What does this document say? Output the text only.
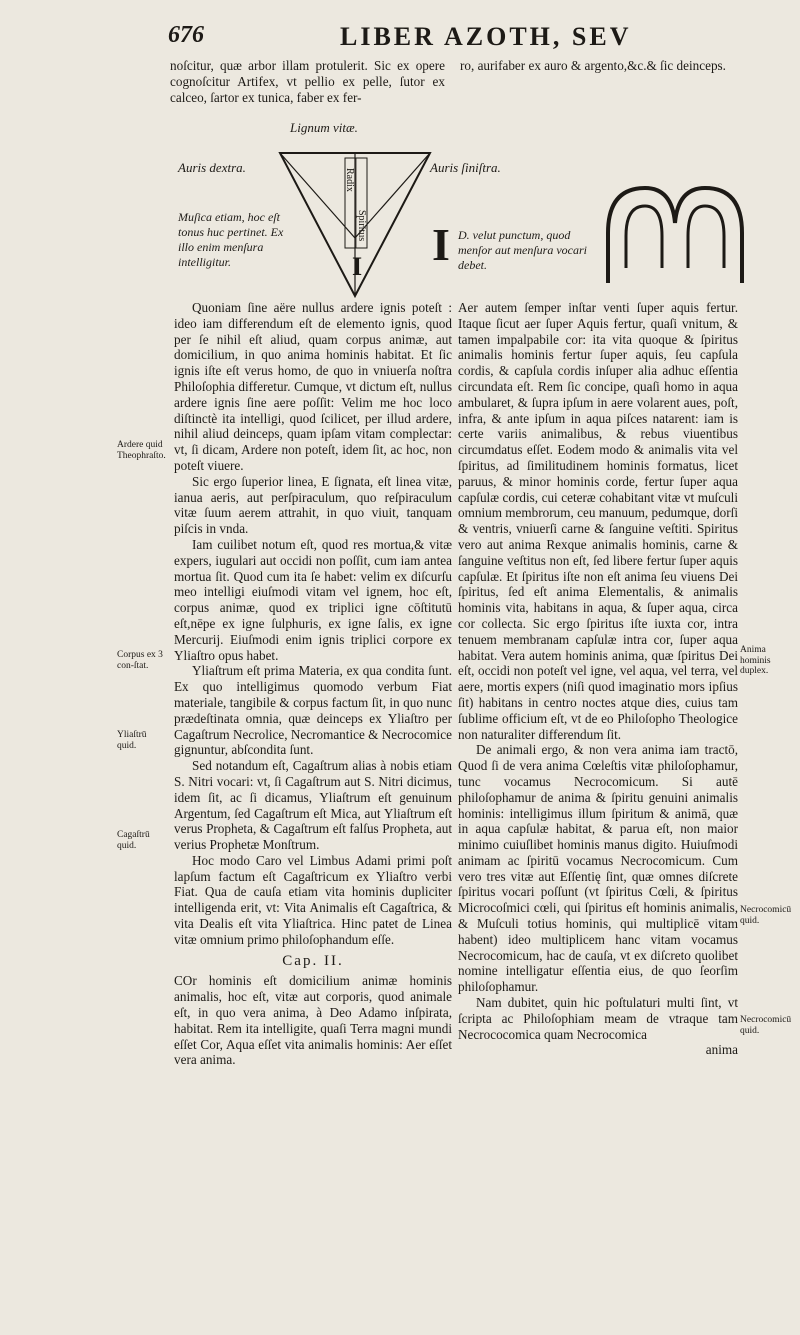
676	LIBER AZOTH, SEV
noſcitur, quæ arbor illam protulerit. Sic ex opere cognoſcitur Artifex, vt pellio ex pelle, ſutor ex calceo, ſartor ex tunica, faber ex fer-
ro, aurifaber ex auro & argento,&c.& ſic deinceps.
Lignum vitæ.
Auris dextra.	Auris ſiniſtra.
Radix
Spiritus
I
Muſica etiam, hoc eſt tonus huc pertinet. Ex illo enim menſura intelligitur.	I D. velut punctum, quod menſor aut menſura vocari debet.

Quoniam ſine aëre nullus ardere ignis poteſt : ideo iam differendum eſt de elemento ignis, quod per ſe nihil eſt aliud, quam corpus animæ, aut domicilium, in quo anima hominis habitat. Et ſic ignis iſte eſt verus homo, de quo in vniuerſa noſtra Philoſophia differetur. Cumque, vt dictum eſt, nullus ardere ignis ſine aere poſſit: Velim me hoc loco diſtinctè ita intelligi, quod ſcilicet, per illud ardere, nihil aliud deinceps, quam ipſam vitam complectar: vt, ſi dicam, Ardere non poteſt, idem ſit, ac hoc, non poteſt viuere.

Sic ergo ſuperior linea, E ſignata, eſt linea vitæ, ianua aeris, aut perſpiraculum, quo reſpiraculum vitæ ſuum aerem attrahit, in quo viuit, tanquam piſcis in vnda.

Iam cuilibet notum eſt, quod res mortua,& vitæ expers, iugulari aut occidi non poſſit, cum iam antea mortua ſit. Quod cum ita ſe habet: velim ex diſcurſu meo intelligi eiuſmodi vitam vel ignem, hoc eſt, corpus animæ, quod ex triplici igne cōſtitutū eſt,nēpe ex igne ſulphuris, ex igne ſalis, ex igne Mercurij. Eiuſmodi enim ignis triplici corpore ex Yliaſtro opus habet.

Yliaſtrum eſt prima Materia, ex qua condita ſunt. Ex quo intelligimus quomodo verbum Fiat materiale, tangibile & corpus factum ſit, in quo nunc prædeſtinata omnia, quæ deinceps ex Yliaſtro per Cagaſtrum Necrolice, Necromantice & Necrocomice gignuntur, abſcondita ſunt.

Sed notandum eſt, Cagaſtrum alias à nobis etiam S. Nitri vocari: vt, ſi Cagaſtrum aut S. Nitri dicimus, idem ſit, ac ſi dicamus, Yliaſtrum eſt genuinum Argentum, ſed Cagaſtrum eſt Mica, aut Yliaſtrum eſt verus Propheta, & Cagaſtrum eſt falſus Propheta, aut verius Prophetæ Monſtrum.

Hoc modo Caro vel Limbus Adami primi poſt lapſum factum eſt Cagaſtricum ex Yliaſtro verbi Fiat. Qua de cauſa etiam vita hominis dupliciter intelligenda erit, vt: Vita Animalis eſt Cagaſtrica, & vita Dealis eſt vita Yliaſtrica. Hinc patet de Linea vitæ omnium primo philoſophandum eſſe.

Cap. II.

COr hominis eſt domicilium animæ hominis animalis, hoc eſt, vitæ aut corporis, quod animale eſt, in quo vera anima, à Deo Adamo inſpirata, habitat. Rem ita intelligite, quaſi Terra magni mundi eſſet Cor, Aqua eſſet vita animalis hominis: Aer eſſet vera anima.

Aer autem ſemper inſtar venti ſuper aquis fertur. Itaque ſicut aer ſuper Aquis fertur, quaſi vnitum, & tamen impalpabile cor: ita vita quoque & ſpiritus animalis hominis fertur ſuper aquis, ſeu capſula cordis, & capſula cordis inſuper alia adhuc eſſentia circundata eſt. Rem ſic concipe, quaſi homo in aqua ambularet, & ſupra ipſum in aere volarent aues, poſt, infra, & ante ipſum in aqua piſces natarent: iam is certe variis animalibus, & rebus viuentibus circumdatus eſſet. Eodem modo & animalis vita vel ſpiritus, ad ſimilitudinem hominis formatus, licet paruus, & minor hominis corde, fertur ſuper aqua capſulæ cordis, cui ceteræ cohabitant vitæ vt muſculi omnium membrorum, ceu manuum, pedumque, dorſi & ventris, vniuerſi carne & ſanguine veſtiti. Spiritus vero aut anima Rexque animalis hominis, carne & ſanguine veſtitus non eſt, ſed libere fertur ſuper aquis capſulæ. Et ſpiritus iſte non eſt anima ſeu viuens Dei ſpiritus, ſed eſt anima Elementalis, & animalis hominis vita, habitans in aqua, & ſuper aqua, circa cor collecta. Sic ergo ſpiritus iſte iuxta cor, intra tenuem membranam capſulæ intra cor, ſuper aqua habitat. Vera autem hominis anima, quæ ſpiritus Dei eſt, occidi non poteſt vel igne, vel aqua, vel terra, vel aere, mortis expers (niſi quod imaginatio mors ipſius ſit) habitans in centro noctes atque dies, cuius tam ſublime officium eſt, vt de eo Philoſopho Theologice non naturaliter differendum ſit.

De animali ergo, & non vera anima iam tractō, Quod ſi de vera anima Cœleſtis vitæ philoſophamur, tunc vocamus Necrocomicum. Si autē philoſophamur de anima & ſpiritu genuini animalis hominis: intelligimus illum ſpiritum & animā, quæ in aqua capſulæ habitat, & parua eſt, non maior minimo cuiuſlibet hominis manus digito. Huiuſmodi animam ac ſpiritū vocamus Necrocomicum. Cum vero tres vitæ aut Eſſentię ſint, quæ omnes diſcrete ſpiritus vocari poſſunt (vt ſpiritus Cœli, & ſpiritus Microcoſmici cœli, qui ſpiritus eſt hominis animalis, & Muſculi totius hominis, qui multiplicē vitam habent) ideo multiplicem hanc vitam vocamus Necrocomicum, hac de cauſa, vt ex diſcreto quolibet nomine intelligatur eſſentia eius, de quo ſeorſim philoſophamur.

Nam dubitet, quin hic poſtulaturi multi ſint, vt ſcripta ac Philoſophiam meam de vtraque tam Necrococomica quam Necrocomica

anima

Ardere quid Theophraſto.
Corpus ex 3 con-ſtat.
Yliaſtrū quid.
Cagaſtrū quid.
Anima hominis duplex.
Necrocomicū quid.
Necrocomicū quid.
